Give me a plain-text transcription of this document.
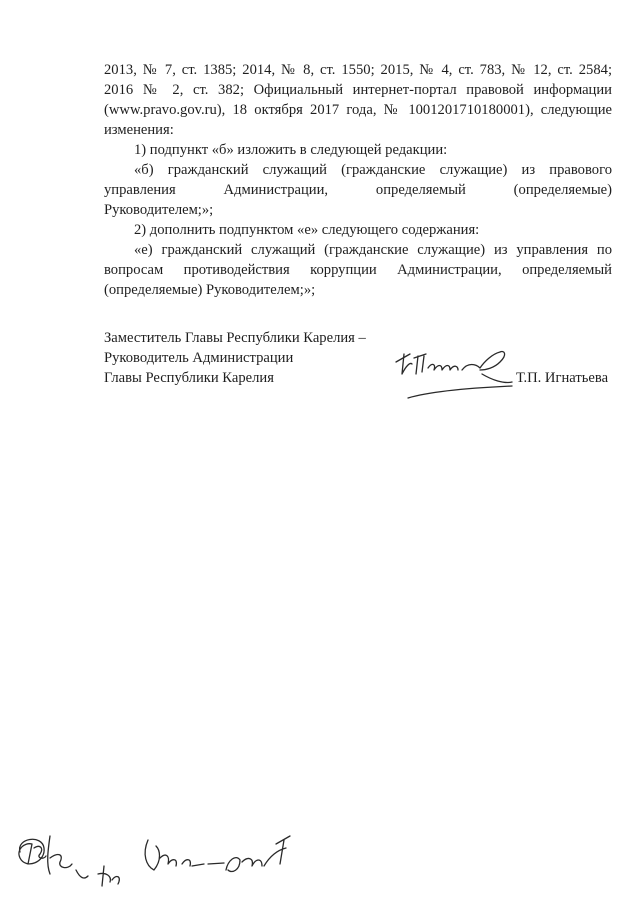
2013, № 7, ст. 1385; 2014, № 8, ст. 1550; 2015, № 4, ст. 783, № 12, ст. 2584;
2016 № 2, ст. 382; Официальный интернет-портал правовой информации
(www.pravo.gov.ru), 18 октября 2017 года, № 1001201710180001), следующие
изменения:
1) подпункт «б» изложить в следующей редакции:
«б) гражданский служащий (гражданские служащие) из правового
управления Администрации, определяемый (определяемые)
Руководителем;»;
2) дополнить подпунктом «е» следующего содержания:
«е) гражданский служащий (гражданские служащие) из управления по
вопросам противодействия коррупции Администрации, определяемый
(определяемые) Руководителем;»;
Заместитель Главы Республики Карелия –
Руководитель Администрации
Главы Республики Карелия	Т.П. Игнатьева
